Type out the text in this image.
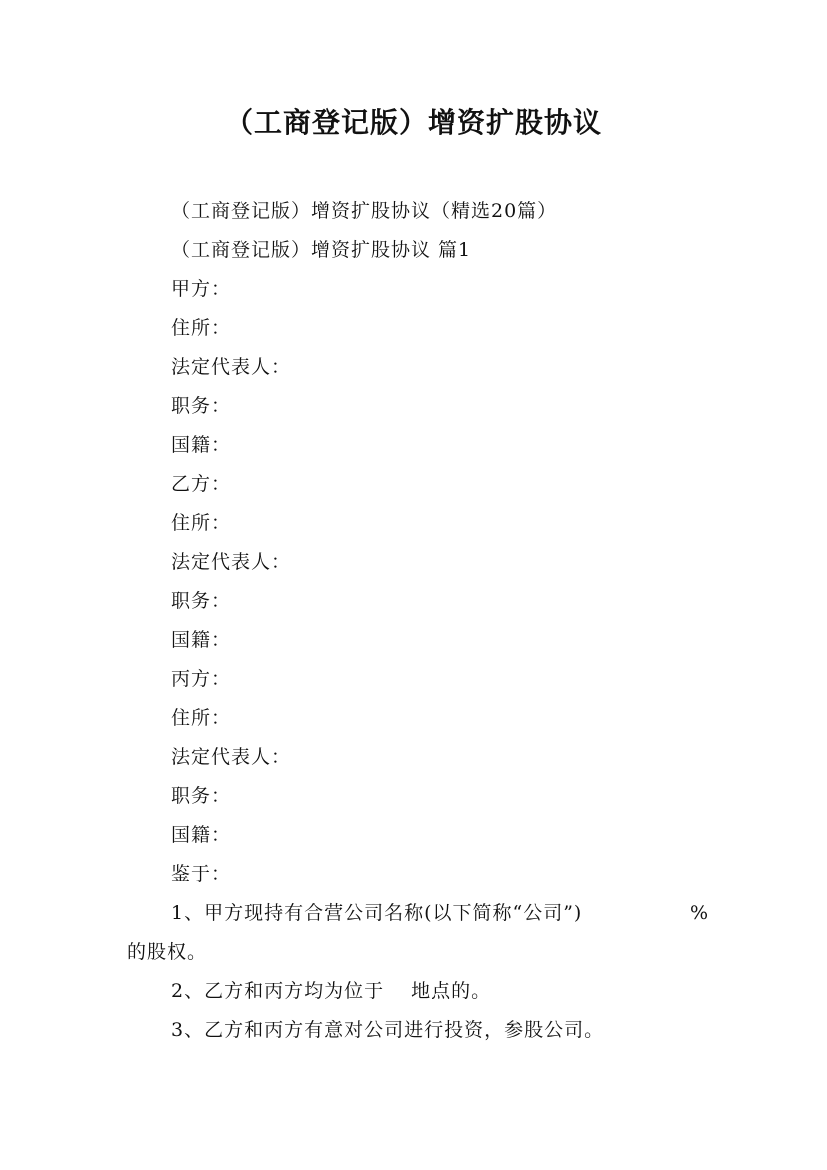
（工商登记版）增资扩股协议
（工商登记版）增资扩股协议（精选20篇）
（工商登记版）增资扩股协议 篇1
甲方：
住所：
法定代表人：
职务：
国籍：
乙方：
住所：
法定代表人：
职务：
国籍：
丙方：
住所：
法定代表人：
职务：
国籍：
鉴于：
1、甲方现持有合营公司名称(以下简称“公司”)	%
的股权。
2、乙方和丙方均为位于　 地点的。
3、乙方和丙方有意对公司进行投资，参股公司。
